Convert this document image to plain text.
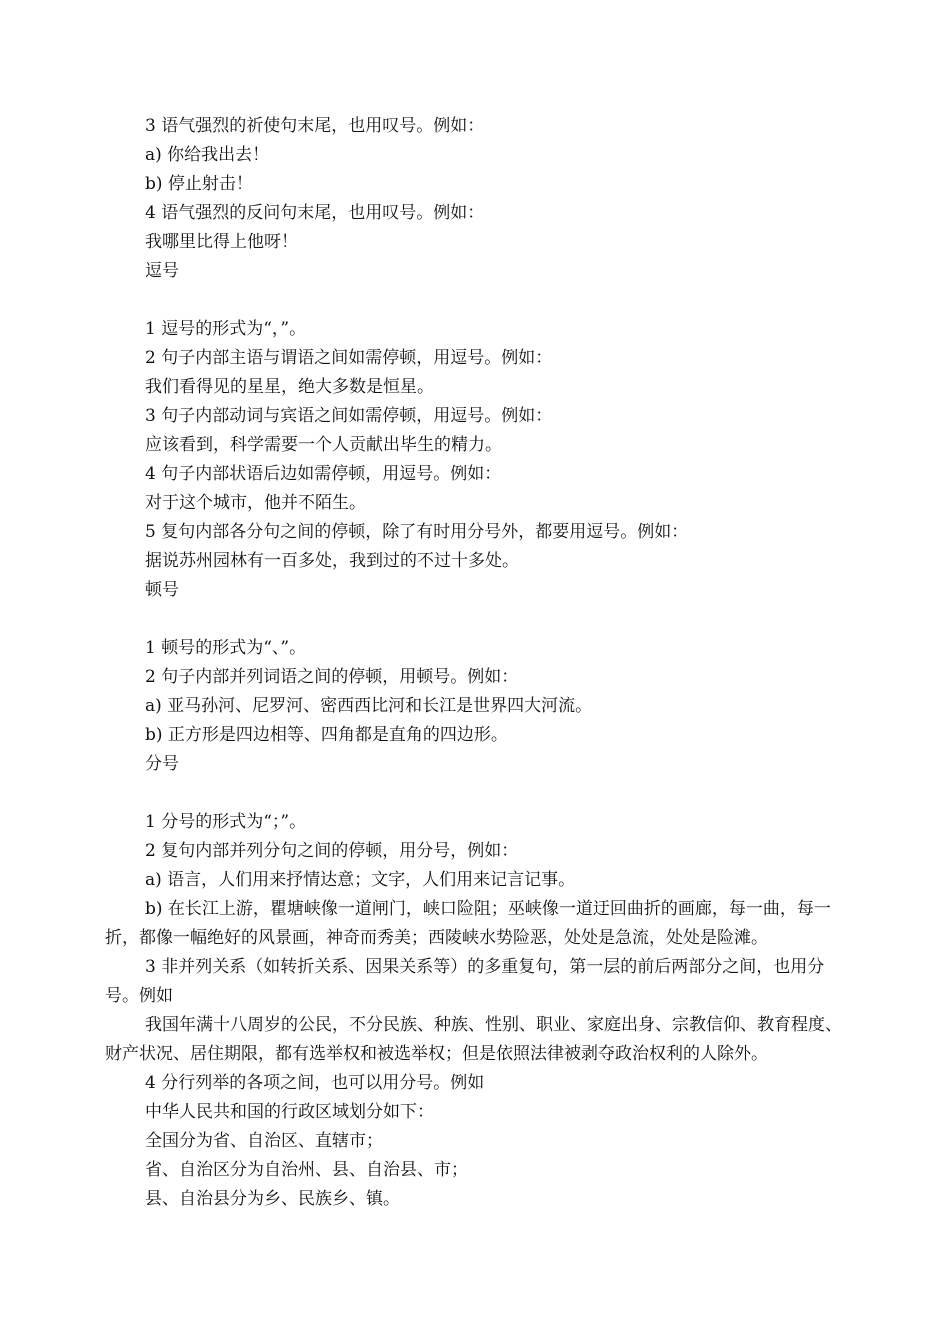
3 语气强烈的祈使句末尾，也用叹号。例如：

a) 你给我出去！

b) 停止射击！

4 语气强烈的反问句末尾，也用叹号。例如：

我哪里比得上他呀！

逗号

1 逗号的形式为“，”。

2 句子内部主语与谓语之间如需停顿，用逗号。例如：

我们看得见的星星，绝大多数是恒星。

3 句子内部动词与宾语之间如需停顿，用逗号。例如：

应该看到，科学需要一个人贡献出毕生的精力。

4 句子内部状语后边如需停顿，用逗号。例如：

对于这个城市，他并不陌生。

5 复句内部各分句之间的停顿，除了有时用分号外，都要用逗号。例如：

据说苏州园林有一百多处，我到过的不过十多处。

顿号

1 顿号的形式为“、”。

2 句子内部并列词语之间的停顿，用顿号。例如：

a) 亚马孙河、尼罗河、密西西比河和长江是世界四大河流。

b) 正方形是四边相等、四角都是直角的四边形。

分号

1 分号的形式为“；”。

2 复句内部并列分句之间的停顿，用分号，例如：

a) 语言，人们用来抒情达意；文字，人们用来记言记事。

b) 在长江上游，瞿塘峡像一道闸门，峡口险阻；巫峡像一道迂回曲折的画廊，每一曲，每一折，都像一幅绝好的风景画，神奇而秀美；西陵峡水势险恶，处处是急流，处处是险滩。

3 非并列关系（如转折关系、因果关系等）的多重复句，第一层的前后两部分之间，也用分号。例如

我国年满十八周岁的公民，不分民族、种族、性别、职业、家庭出身、宗教信仰、教育程度、财产状况、居住期限，都有选举权和被选举权；但是依照法律被剥夺政治权利的人除外。

4 分行列举的各项之间，也可以用分号。例如

中华人民共和国的行政区域划分如下：

全国分为省、自治区、直辖市；

省、自治区分为自治州、县、自治县、市；

县、自治县分为乡、民族乡、镇。
